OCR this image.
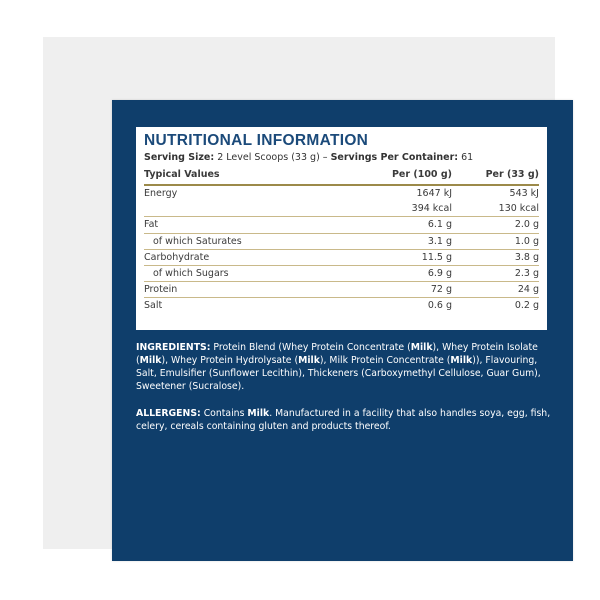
NUTRITIONAL INFORMATION
Serving Size: 2 Level Scoops (33 g) – Servings Per Container: 61
Typical Values	Per (100 g)	Per (33 g)
Energy	1647 kJ	543 kJ
394 kcal	130 kcal
Fat	6.1 g	2.0 g
of which Saturates	3.1 g	1.0 g
Carbohydrate	11.5 g	3.8 g
of which Sugars	6.9 g	2.3 g
Protein	72 g	24 g
Salt	0.6 g	0.2 g
INGREDIENTS: Protein Blend (Whey Protein Concentrate (Milk), Whey Protein Isolate (Milk), Whey Protein Hydrolysate (Milk), Milk Protein Concentrate (Milk)), Flavouring, Salt, Emulsifier (Sunflower Lecithin), Thickeners (Carboxymethyl Cellulose, Guar Gum), Sweetener (Sucralose).
ALLERGENS: Contains Milk. Manufactured in a facility that also handles soya, egg, fish, celery, cereals containing gluten and products thereof.
